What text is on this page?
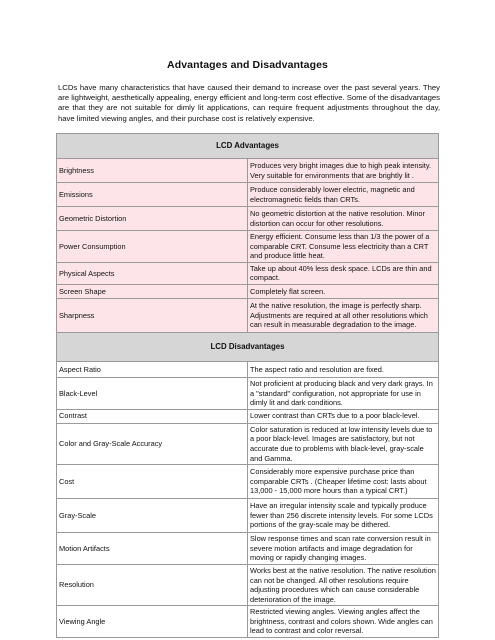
Advantages and Disadvantages
LCDs have many characteristics that have caused their demand to increase over the past several years. They are lightweight, aesthetically appealing, energy efficient and long-term cost effective. Some of the disadvantages are that they are not suitable for dimly lit applications, can require frequent adjustments throughout the day, have limited viewing angles, and their purchase cost is relatively expensive.
LCD Advantages	
Brightness	Produces very bright images due to high peak intensity. Very suitable for environments that are brightly lit .
Emissions	Produce considerably lower electric, magnetic and electromagnetic fields than CRTs.
Geometric Distortion	No geometric distortion at the native resolution. Minor distortion can occur for other resolutions.
Power Consumption	Energy efficient. Consume less than 1/3 the power of a comparable CRT. Consume less electricity than a CRT and produce little heat.
Physical Aspects	Take up about 40% less desk space. LCDs are thin and compact.
Screen Shape	Completely flat screen.
Sharpness	At the native resolution, the image is perfectly sharp. Adjustments are required at all other resolutions which can result in measurable degradation to the image.
LCD Disadvantages	
Aspect Ratio	The aspect ratio and resolution are fixed.
Black-Level	Not proficient at producing black and very dark grays. In a "standard" configuration, not appropriate for use in dimly lit and dark conditions.
Contrast	Lower contrast than CRTs due to a poor black-level.
Color and Gray-Scale Accuracy	Color saturation is reduced at low intensity levels due to a poor black-level. Images are satisfactory, but not accurate due to problems with black-level, gray-scale and Gamma.
Cost	Considerably more expensive purchase price than comparable CRTs . (Cheaper lifetime cost: lasts about 13,000 - 15,000 more hours than a typical CRT.)
Gray-Scale	Have an irregular intensity scale and typically produce fewer than 256 discrete intensity levels. For some LCDs portions of the gray-scale may be dithered.
Motion Artifacts	Slow response times and scan rate conversion result in severe motion artifacts and image degradation for moving or rapidly changing images.
Resolution	Works best at the native resolution. The native resolution can not be changed. All other resolutions require adjusting procedures which can cause considerable deterioration of the image.
Viewing Angle	Restricted viewing angles. Viewing angles affect the brightness, contrast and colors shown. Wide angles can lead to contrast and color reversal.
